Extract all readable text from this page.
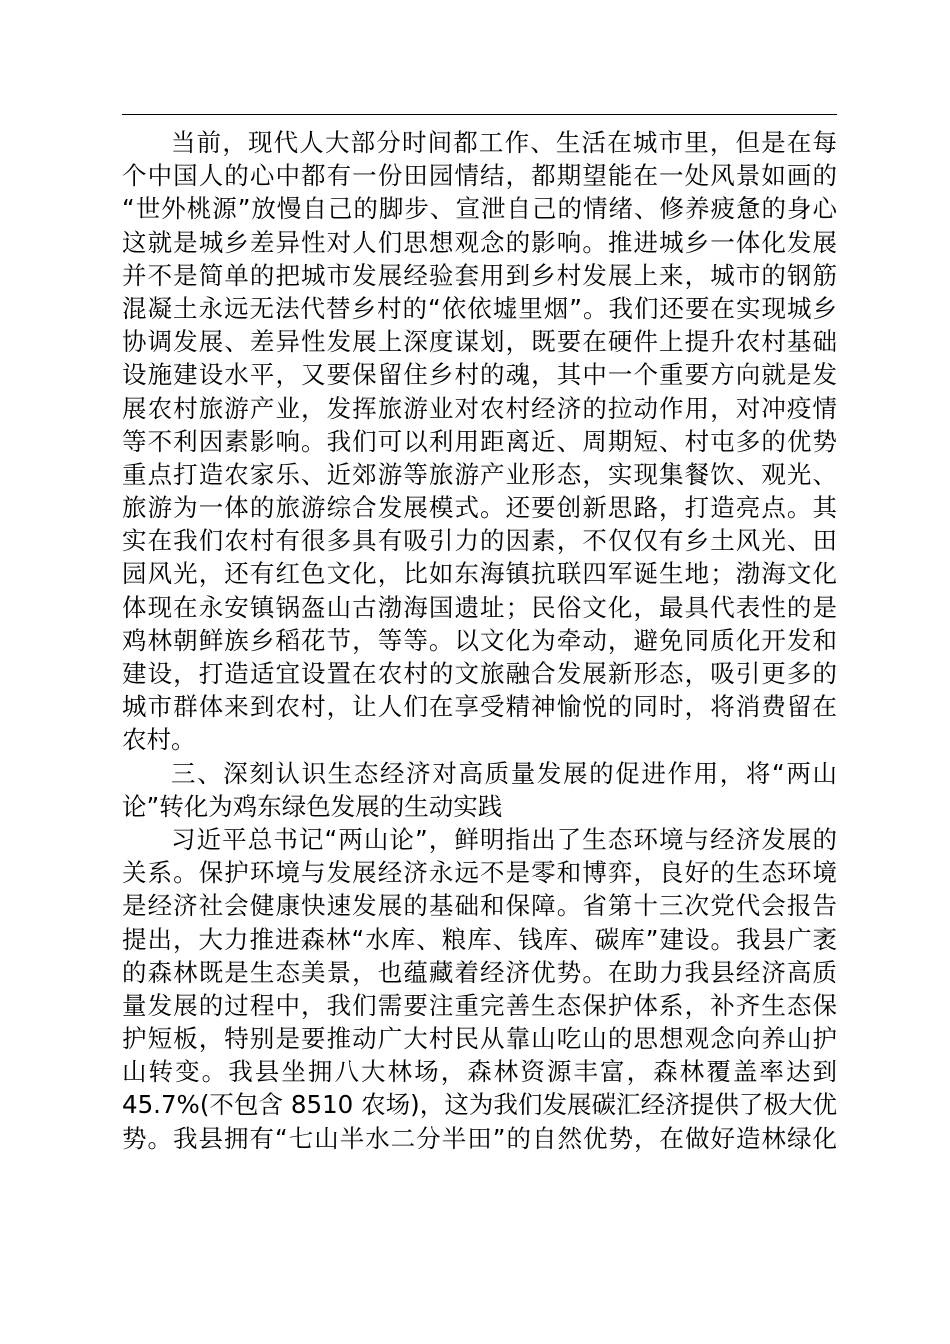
当前，现代人大部分时间都工作、生活在城市里，但是在每
个中国人的心中都有一份田园情结，都期望能在一处风景如画的
“世外桃源”放慢自己的脚步、宣泄自己的情绪、修养疲惫的身心
这就是城乡差异性对人们思想观念的影响。推进城乡一体化发展
并不是简单的把城市发展经验套用到乡村发展上来，城市的钢筋
混凝土永远无法代替乡村的“依依墟里烟”。我们还要在实现城乡
协调发展、差异性发展上深度谋划，既要在硬件上提升农村基础
设施建设水平，又要保留住乡村的魂，其中一个重要方向就是发
展农村旅游产业，发挥旅游业对农村经济的拉动作用，对冲疫情
等不利因素影响。我们可以利用距离近、周期短、村屯多的优势
重点打造农家乐、近郊游等旅游产业形态，实现集餐饮、观光、
旅游为一体的旅游综合发展模式。还要创新思路，打造亮点。其
实在我们农村有很多具有吸引力的因素，不仅仅有乡土风光、田
园风光，还有红色文化，比如东海镇抗联四军诞生地；渤海文化
体现在永安镇锅盔山古渤海国遗址；民俗文化，最具代表性的是
鸡林朝鲜族乡稻花节，等等。以文化为牵动，避免同质化开发和
建设，打造适宜设置在农村的文旅融合发展新形态，吸引更多的
城市群体来到农村，让人们在享受精神愉悦的同时，将消费留在
农村。
三、深刻认识生态经济对高质量发展的促进作用，将“两山
论”转化为鸡东绿色发展的生动实践
习近平总书记“两山论”，鲜明指出了生态环境与经济发展的
关系。保护环境与发展经济永远不是零和博弈，良好的生态环境
是经济社会健康快速发展的基础和保障。省第十三次党代会报告
提出，大力推进森林“水库、粮库、钱库、碳库”建设。我县广袤
的森林既是生态美景，也蕴藏着经济优势。在助力我县经济高质
量发展的过程中，我们需要注重完善生态保护体系，补齐生态保
护短板，特别是要推动广大村民从靠山吃山的思想观念向养山护
山转变。我县坐拥八大林场，森林资源丰富，森林覆盖率达到
45.7%(不包含 8510 农场)，这为我们发展碳汇经济提供了极大优
势。我县拥有“七山半水二分半田”的自然优势，在做好造林绿化
